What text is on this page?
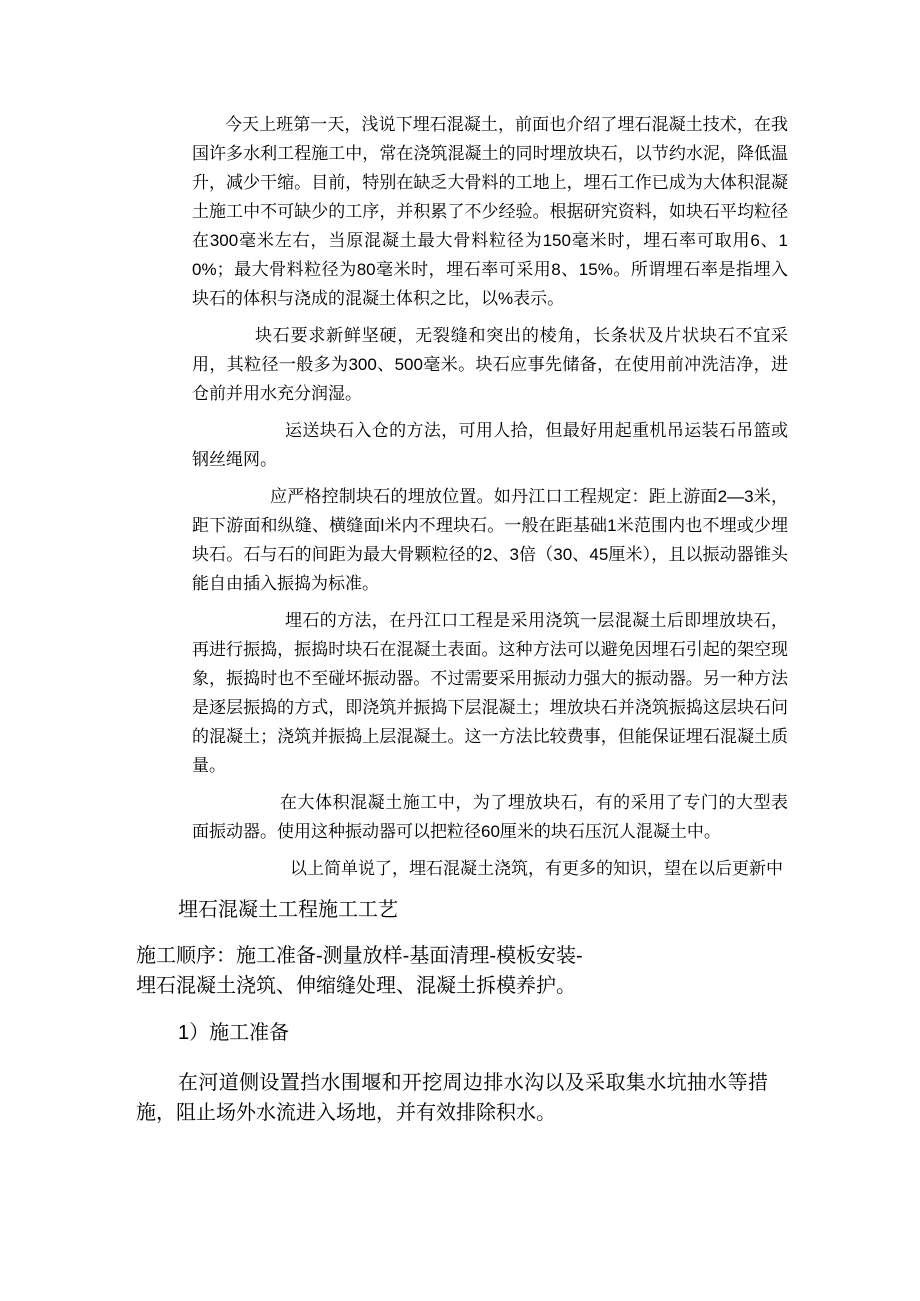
今天上班第一天，浅说下埋石混凝土，前面也介绍了埋石混凝土技术，在我国许多水利工程施工中，常在浇筑混凝土的同时埋放块石，以节约水泥，降低温升，减少干缩。目前，特别在缺乏大骨料的工地上，埋石工作已成为大体积混凝土施工中不可缺少的工序，并积累了不少经验。根据研究资料，如块石平均粒径在300毫米左右，当原混凝土最大骨料粒径为150毫米时，埋石率可取用6、10%；最大骨料粒径为80毫米时，埋石率可采用8、15%。所谓埋石率是指埋入块石的体积与浇成的混凝土体积之比，以%表示。

块石要求新鲜坚硬，无裂缝和突出的棱角，长条状及片状块石不宜采用，其粒径一般多为300、500毫米。块石应事先储备，在使用前冲洗洁净，进仓前并用水充分润湿。

运送块石入仓的方法，可用人拾，但最好用起重机吊运装石吊篮或钢丝绳网。

应严格控制块石的埋放位置。如丹江口工程规定：距上游面2—3米，距下游面和纵缝、横缝面l米内不理块石。一般在距基础1米范围内也不埋或少埋块石。石与石的间距为最大骨颗粒径的2、3倍（30、45厘米），且以振动器锥头能自由插入振捣为标准。

埋石的方法，在丹江口工程是采用浇筑一层混凝土后即埋放块石，再进行振捣，振捣时块石在混凝土表面。这种方法可以避免因埋石引起的架空现象，振捣时也不至碰坏振动器。不过需要采用振动力强大的振动器。另一种方法是逐层振捣的方式，即浇筑并振捣下层混凝土；埋放块石并浇筑振捣这层块石问的混凝土；浇筑并振捣上层混凝土。这一方法比较费事，但能保证埋石混凝土质量。

在大体积混凝土施工中，为了埋放块石，有的采用了专门的大型表面振动器。使用这种振动器可以把粒径60厘米的块石压沉人混凝土中。

以上简单说了，埋石混凝土浇筑，有更多的知识，望在以后更新中

埋石混凝土工程施工工艺

施工顺序：施工准备-测量放样-基面清理-模板安装-
埋石混凝土浇筑、伸缩缝处理、混凝土拆模养护。

1）施工准备

在河道侧设置挡水围堰和开挖周边排水沟以及采取集水坑抽水等措施，阻止场外水流进入场地，并有效排除积水。
